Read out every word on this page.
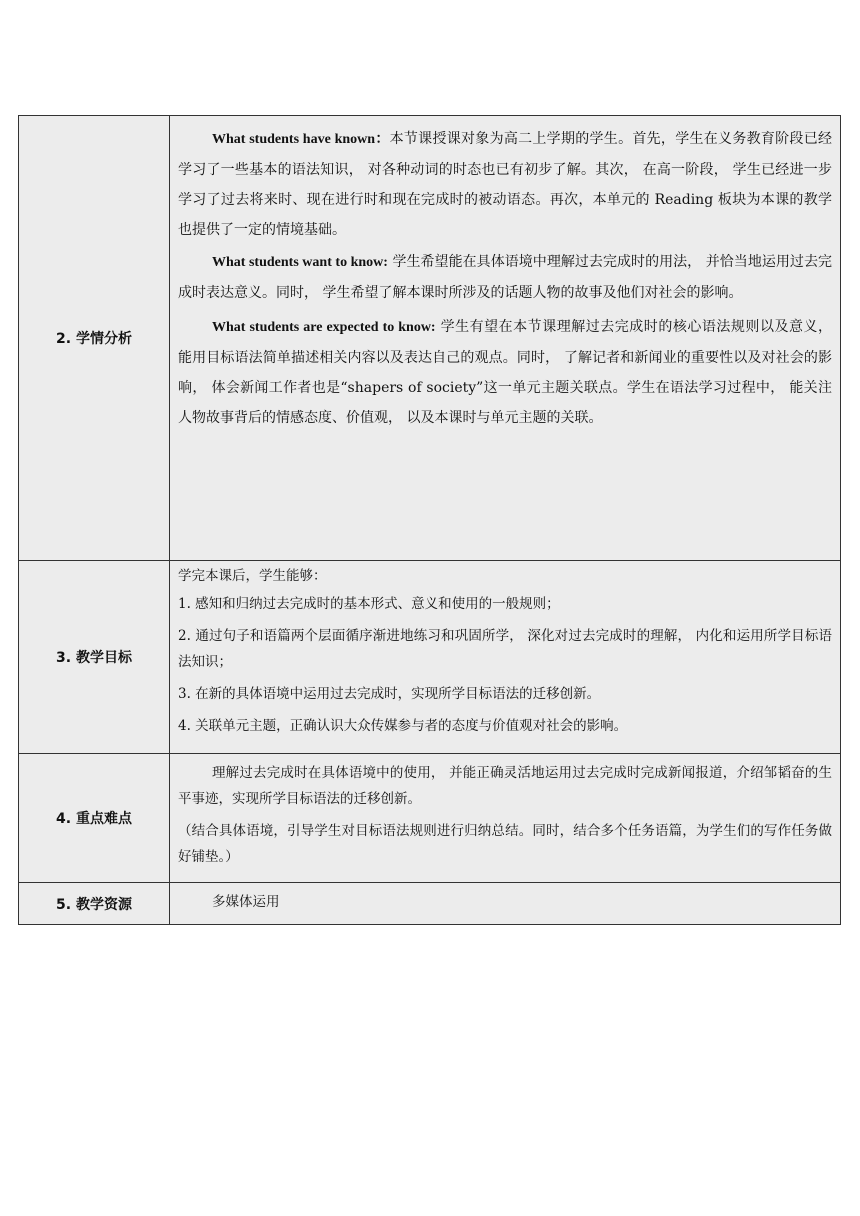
2. 学情分析	What students have known：本节课授课对象为高二上学期的学生。首先，学生在义务教育阶段已经学习了一些基本的语法知识， 对各种动词的时态也已有初步了解。其次， 在高一阶段， 学生已经进一步学习了过去将来时、现在进行时和现在完成时的被动语态。再次，本单元的 Reading 板块为本课的教学也提供了一定的情境基础。

What students want to know: 学生希望能在具体语境中理解过去完成时的用法， 并恰当地运用过去完成时表达意义。同时， 学生希望了解本课时所涉及的话题人物的故事及他们对社会的影响。

What students are expected to know: 学生有望在本节课理解过去完成时的核心语法规则以及意义， 能用目标语法简单描述相关内容以及表达自己的观点。同时， 了解记者和新闻业的重要性以及对社会的影响， 体会新闻工作者也是“shapers of society”这一单元主题关联点。学生在语法学习过程中， 能关注人物故事背后的情感态度、价值观， 以及本课时与单元主题的关联。

3. 教学目标	学完本课后，学生能够：

1. 感知和归纳过去完成时的基本形式、意义和使用的一般规则；

2. 通过句子和语篇两个层面循序渐进地练习和巩固所学， 深化对过去完成时的理解， 内化和运用所学目标语法知识；

3. 在新的具体语境中运用过去完成时，实现所学目标语法的迁移创新。

4. 关联单元主题，正确认识大众传媒参与者的态度与价值观对社会的影响。

4. 重点难点	理解过去完成时在具体语境中的使用， 并能正确灵活地运用过去完成时完成新闻报道，介绍邹韬奋的生平事迹，实现所学目标语法的迁移创新。

（结合具体语境，引导学生对目标语法规则进行归纳总结。同时，结合多个任务语篇，为学生们的写作任务做好铺垫。）

5. 教学资源	多媒体运用
